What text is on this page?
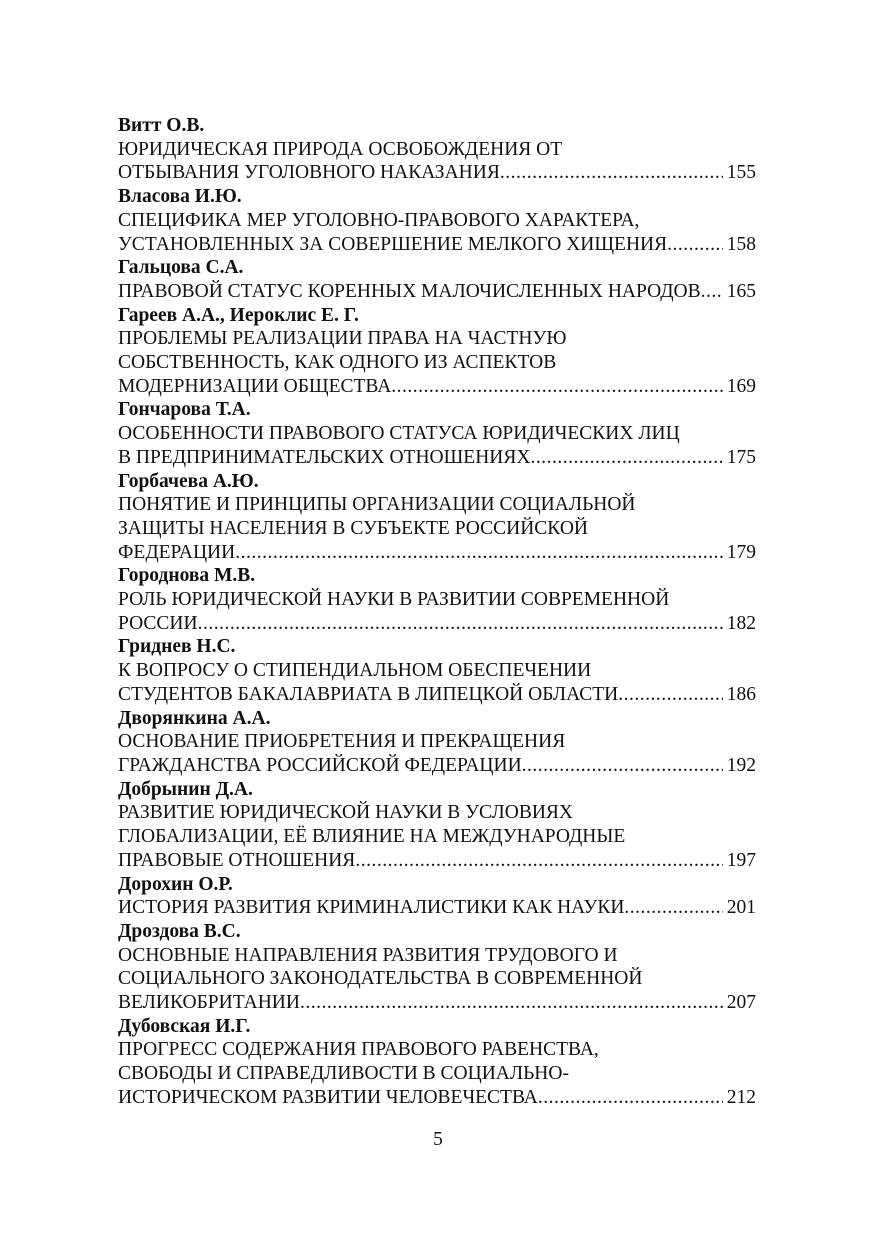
Витт О.В.
ЮРИДИЧЕСКАЯ ПРИРОДА ОСВОБОЖДЕНИЯ ОТ
ОТБЫВАНИЯ УГОЛОВНОГО НАКАЗАНИЯ .....	155
Власова И.Ю.
СПЕЦИФИКА МЕР УГОЛОВНО-ПРАВОВОГО ХАРАКТЕРА,
УСТАНОВЛЕННЫХ ЗА СОВЕРШЕНИЕ МЕЛКОГО ХИЩЕНИЯ .....	158
Гальцова С.А.
ПРАВОВОЙ СТАТУС КОРЕННЫХ МАЛОЧИСЛЕННЫХ НАРОДОВ ..... 165
Гареев А.А., Иероклис Е. Г.
ПРОБЛЕМЫ РЕАЛИЗАЦИИ ПРАВА НА ЧАСТНУЮ
СОБСТВЕННОСТЬ, КАК ОДНОГО ИЗ АСПЕКТОВ
МОДЕРНИЗАЦИИ ОБЩЕСТВА .....	169
Гончарова Т.А.
ОСОБЕННОСТИ ПРАВОВОГО СТАТУСА ЮРИДИЧЕСКИХ ЛИЦ
В ПРЕДПРИНИМАТЕЛЬСКИХ ОТНОШЕНИЯХ .....	175
Горбачева А.Ю.
ПОНЯТИЕ И ПРИНЦИПЫ ОРГАНИЗАЦИИ СОЦИАЛЬНОЙ
ЗАЩИТЫ НАСЕЛЕНИЯ В СУБЪЕКТЕ РОССИЙСКОЙ
ФЕДЕРАЦИИ .....	179
Городнова М.В.
РОЛЬ ЮРИДИЧЕСКОЙ НАУКИ В РАЗВИТИИ СОВРЕМЕННОЙ
РОССИИ .....	182
Гриднев Н.С.
К ВОПРОСУ О СТИПЕНДИАЛЬНОМ ОБЕСПЕЧЕНИИ
СТУДЕНТОВ БАКАЛАВРИАТА В ЛИПЕЦКОЙ ОБЛАСТИ .....	186
Дворянкина А.А.
ОСНОВАНИЕ ПРИОБРЕТЕНИЯ И ПРЕКРАЩЕНИЯ
ГРАЖДАНСТВА РОССИЙСКОЙ ФЕДЕРАЦИИ .....	192
Добрынин Д.А.
РАЗВИТИЕ ЮРИДИЧЕСКОЙ НАУКИ В УСЛОВИЯХ
ГЛОБАЛИЗАЦИИ, ЕЁ ВЛИЯНИЕ НА МЕЖДУНАРОДНЫЕ
ПРАВОВЫЕ ОТНОШЕНИЯ .....	197
Дорохин О.Р.
ИСТОРИЯ РАЗВИТИЯ КРИМИНАЛИСТИКИ КАК НАУКИ .....	201
Дроздова В.С.
ОСНОВНЫЕ НАПРАВЛЕНИЯ РАЗВИТИЯ ТРУДОВОГО И
СОЦИАЛЬНОГО ЗАКОНОДАТЕЛЬСТВА В СОВРЕМЕННОЙ
ВЕЛИКОБРИТАНИИ .....	207
Дубовская И.Г.
ПРОГРЕСС СОДЕРЖАНИЯ ПРАВОВОГО РАВЕНСТВА,
СВОБОДЫ И СПРАВЕДЛИВОСТИ В СОЦИАЛЬНО-
ИСТОРИЧЕСКОМ РАЗВИТИИ ЧЕЛОВЕЧЕСТВА .....	212
5
